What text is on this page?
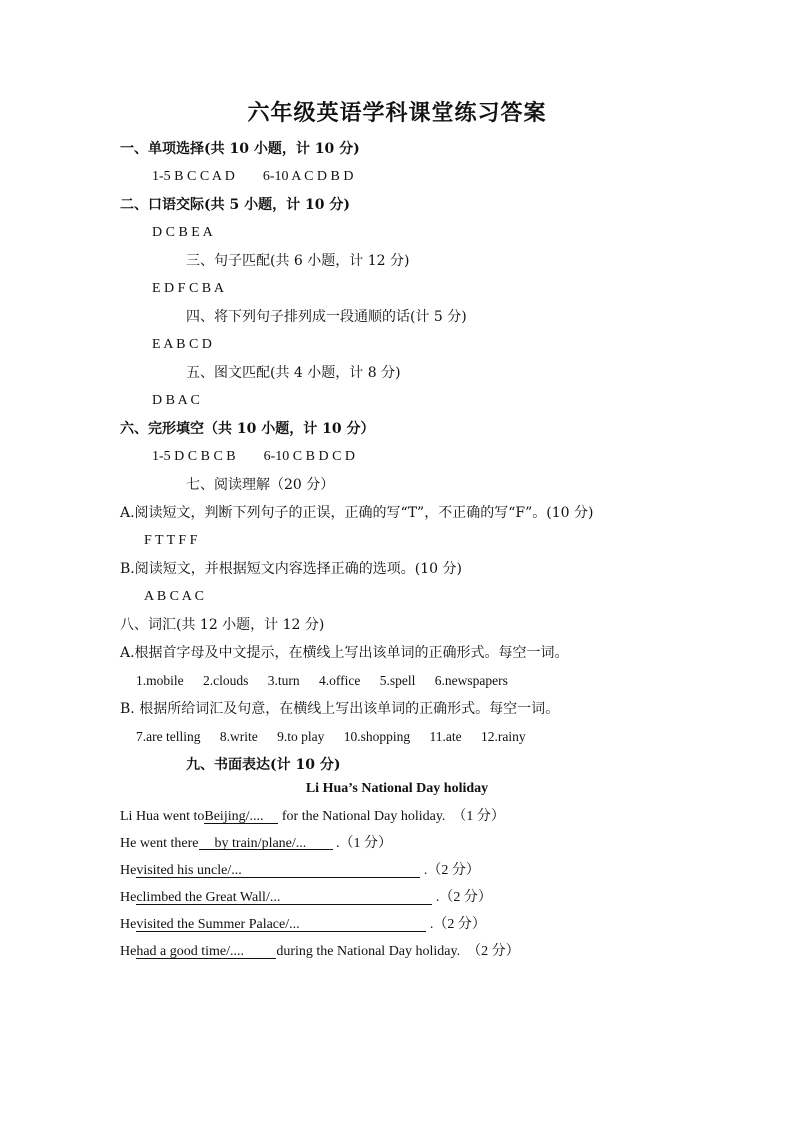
六年级英语学科课堂练习答案
一、单项选择(共 10 小题，计 10 分)
1-5 B C C A D 6-10 A C D B D
二、口语交际(共 5 小题，计 10 分)
D C B E A
三、句子匹配(共 6 小题，计 12 分)
E D F C B A
四、将下列句子排列成一段通顺的话(计 5 分)
E A B C D
五、图文匹配(共 4 小题，计 8 分)
D B A C
六、完形填空（共 10 小题，计 10 分）
1-5 D C B C B 6-10 C B D C D
七、阅读理解（20 分）
A.阅读短文，判断下列句子的正误，正确的写“T”，不正确的写“F”。(10 分)
F T T F F
B.阅读短文，并根据短文内容选择正确的选项。(10 分)
A B C A C
八、词汇(共 12 小题，计 12 分)
A.根据首字母及中文提示，在横线上写出该单词的正确形式。每空一词。
1.mobile 2.clouds 3.turn 4.office 5.spell 6.newspapers
B. 根据所给词汇及句意，在横线上写出该单词的正确形式。每空一词。
7.are telling 8.write 9.to play 10.shopping 11.ate 12.rainy
九、书面表达(计 10 分)
Li Hua’s National Day holiday
Li Hua went toBeijing/.... for the National Day holiday. （1 分）
He went there by train/plane/... .（1 分）
Hevisited his uncle/...	.（2 分）
Heclimbed the Great Wall/...	.（2 分）
Hevisited the Summer Palace/...	.（2 分）
Hehad a good time/.... during the National Day holiday. （2 分）
